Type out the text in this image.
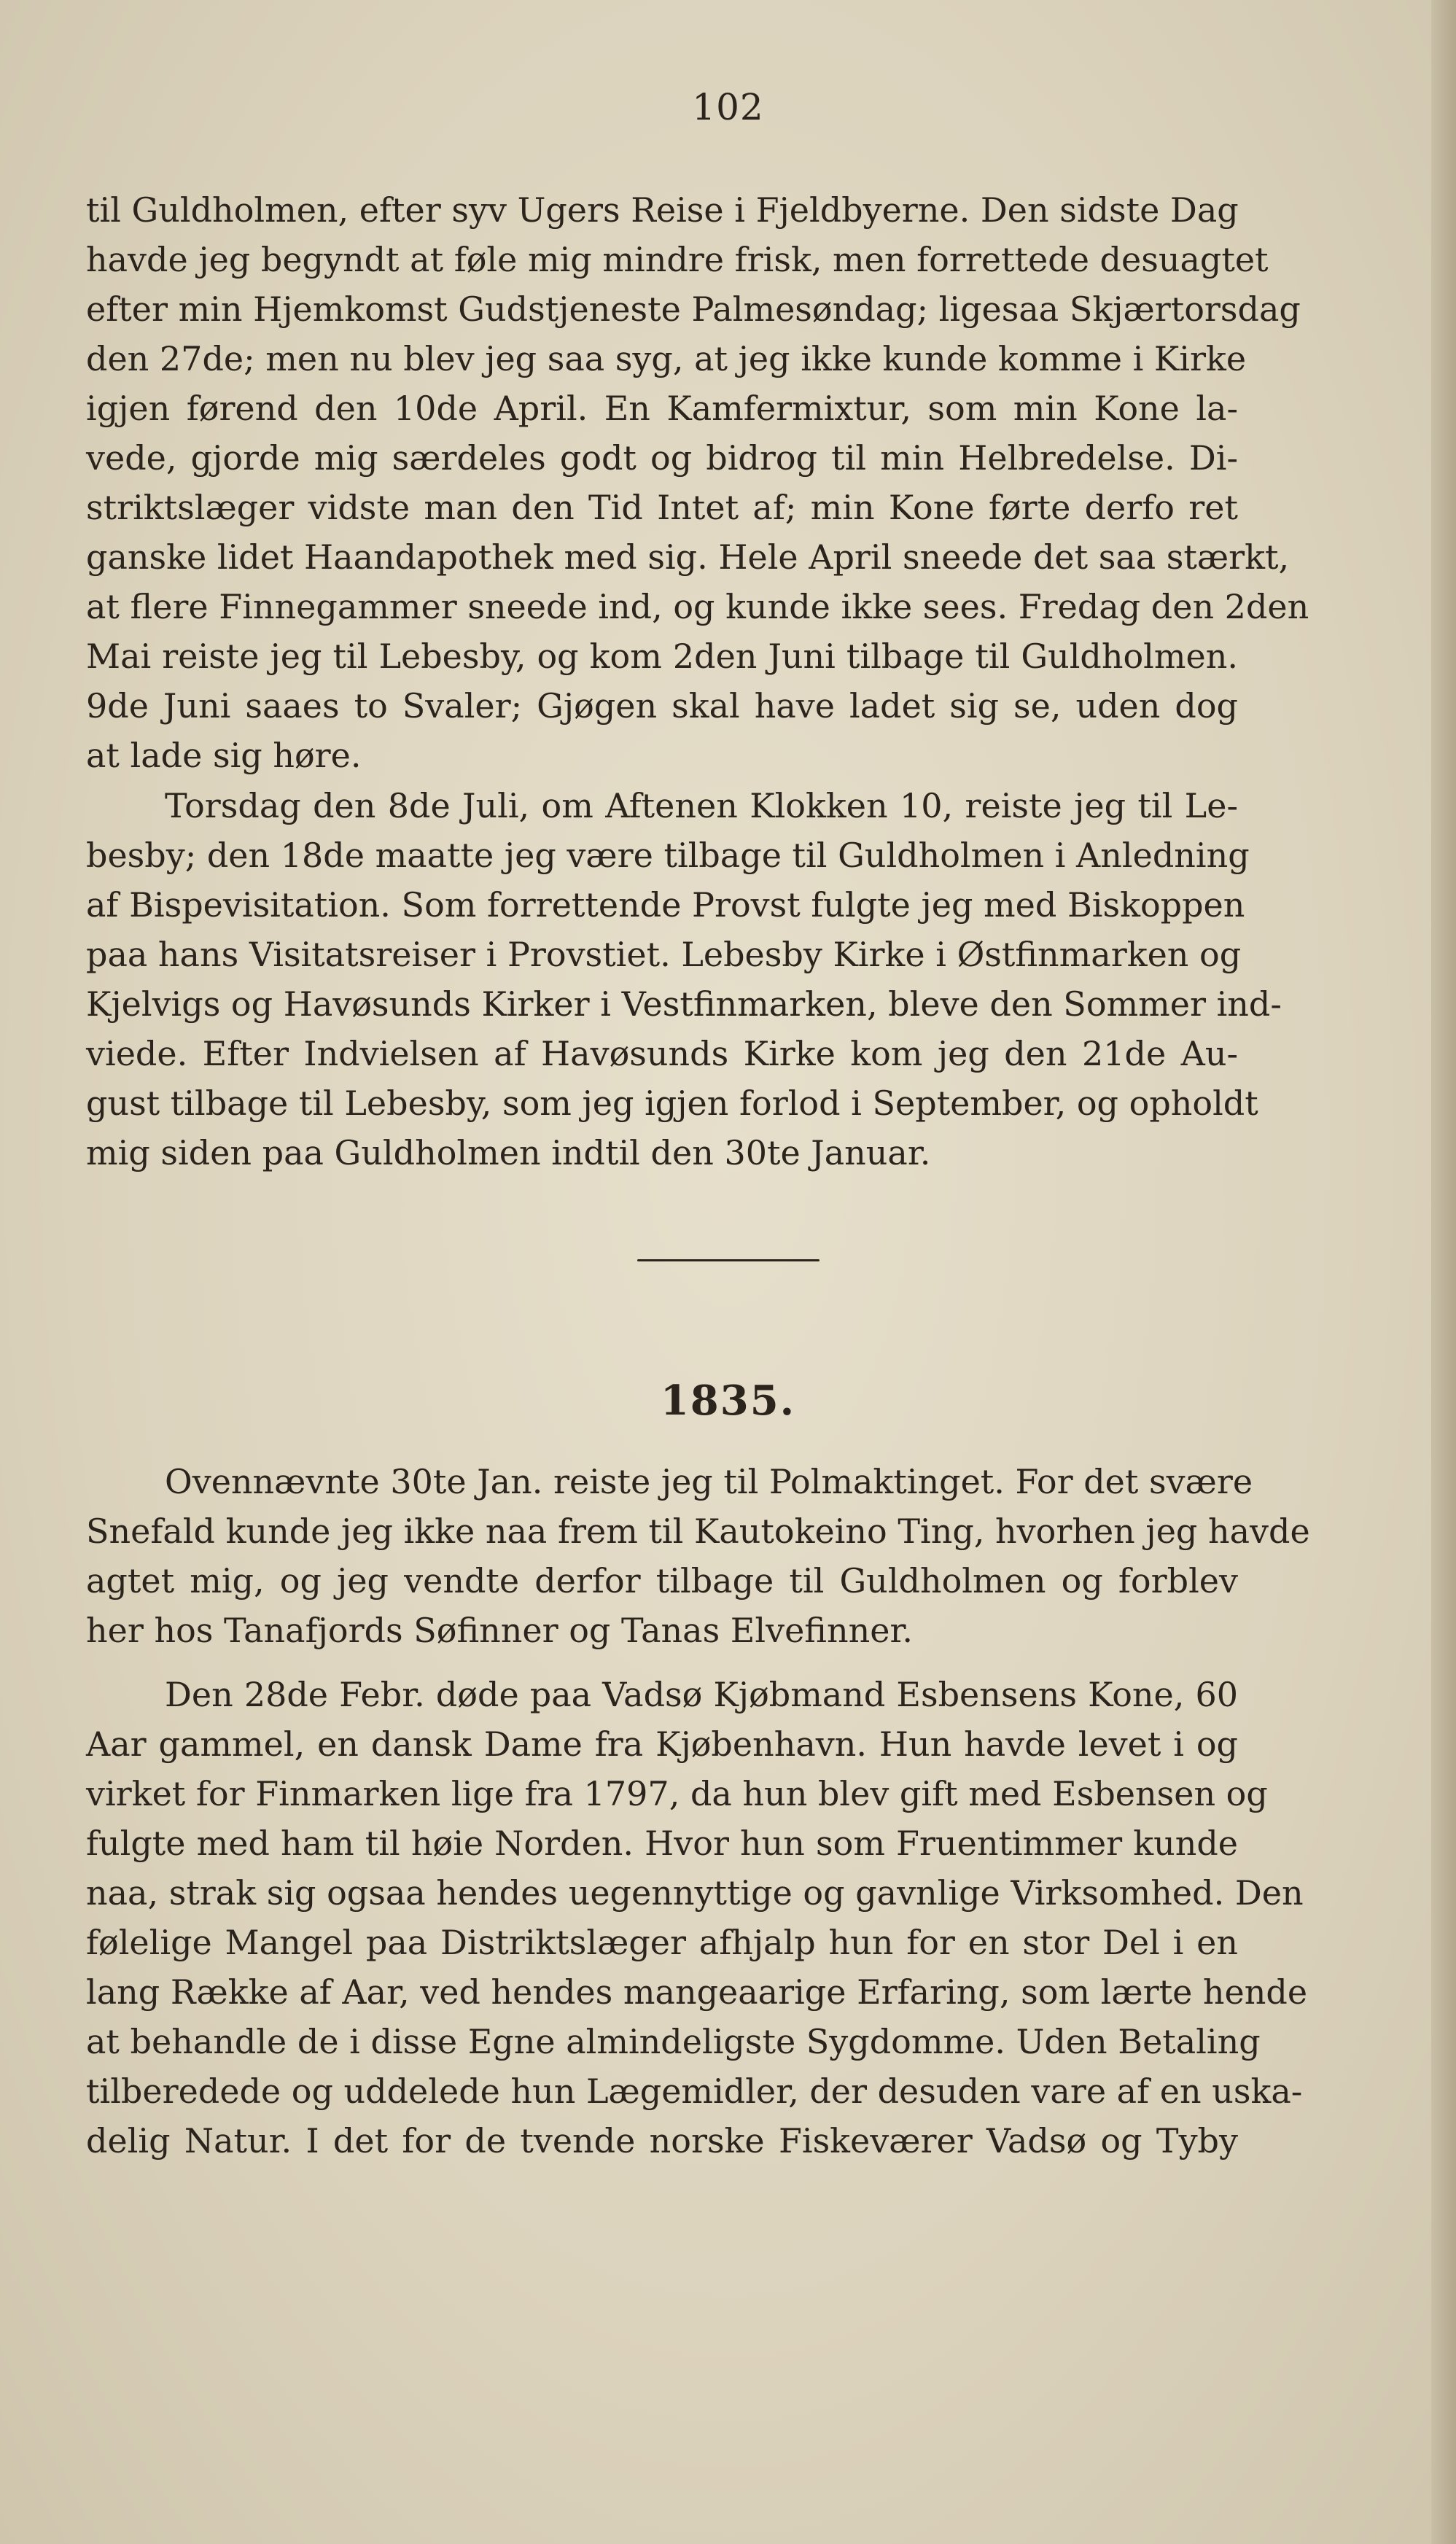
102
til Guldholmen, efter syv Ugers Reise i Fjeldbyerne. Den sidste Dag
havde jeg begyndt at føle mig mindre frisk, men forrettede desuagtet
efter min Hjemkomst Gudstjeneste Palmesøndag; ligesaa Skjærtorsdag
den 27de; men nu blev jeg saa syg, at jeg ikke kunde komme i Kirke
igjen førend den 10de April. En Kamfermixtur, som min Kone la-
vede, gjorde mig særdeles godt og bidrog til min Helbredelse. Di-
striktslæger vidste man den Tid Intet af; min Kone førte derfo ret
ganske lidet Haandapothek med sig. Hele April sneede det saa stærkt,
at flere Finnegammer sneede ind, og kunde ikke sees. Fredag den 2den
Mai reiste jeg til Lebesby, og kom 2den Juni tilbage til Guldholmen.
9de Juni saaes to Svaler; Gjøgen skal have ladet sig se, uden dog
at lade sig høre.
Torsdag den 8de Juli, om Aftenen Klokken 10, reiste jeg til Le-
besby; den 18de maatte jeg være tilbage til Guldholmen i Anledning
af Bispevisitation. Som forrettende Provst fulgte jeg med Biskoppen
paa hans Visitatsreiser i Provstiet. Lebesby Kirke i Østfinmarken og
Kjelvigs og Havøsunds Kirker i Vestfinmarken, bleve den Sommer ind-
viede. Efter Indvielsen af Havøsunds Kirke kom jeg den 21de Au-
gust tilbage til Lebesby, som jeg igjen forlod i September, og opholdt
mig siden paa Guldholmen indtil den 30te Januar.
1835.
Ovennævnte 30te Jan. reiste jeg til Polmaktinget. For det svære
Snefald kunde jeg ikke naa frem til Kautokeino Ting, hvorhen jeg havde
agtet mig, og jeg vendte derfor tilbage til Guldholmen og forblev
her hos Tanafjords Søfinner og Tanas Elvefinner.
Den 28de Febr. døde paa Vadsø Kjøbmand Esbensens Kone, 60
Aar gammel, en dansk Dame fra Kjøbenhavn. Hun havde levet i og
virket for Finmarken lige fra 1797, da hun blev gift med Esbensen og
fulgte med ham til høie Norden. Hvor hun som Fruentimmer kunde
naa, strak sig ogsaa hendes uegennyttige og gavnlige Virksomhed. Den
følelige Mangel paa Distriktslæger afhjalp hun for en stor Del i en
lang Række af Aar, ved hendes mangeaarige Erfaring, som lærte hende
at behandle de i disse Egne almindeligste Sygdomme. Uden Betaling
tilberedede og uddelede hun Lægemidler, der desuden vare af en uska-
delig Natur. I det for de tvende norske Fiskeværer Vadsø og Tyby
